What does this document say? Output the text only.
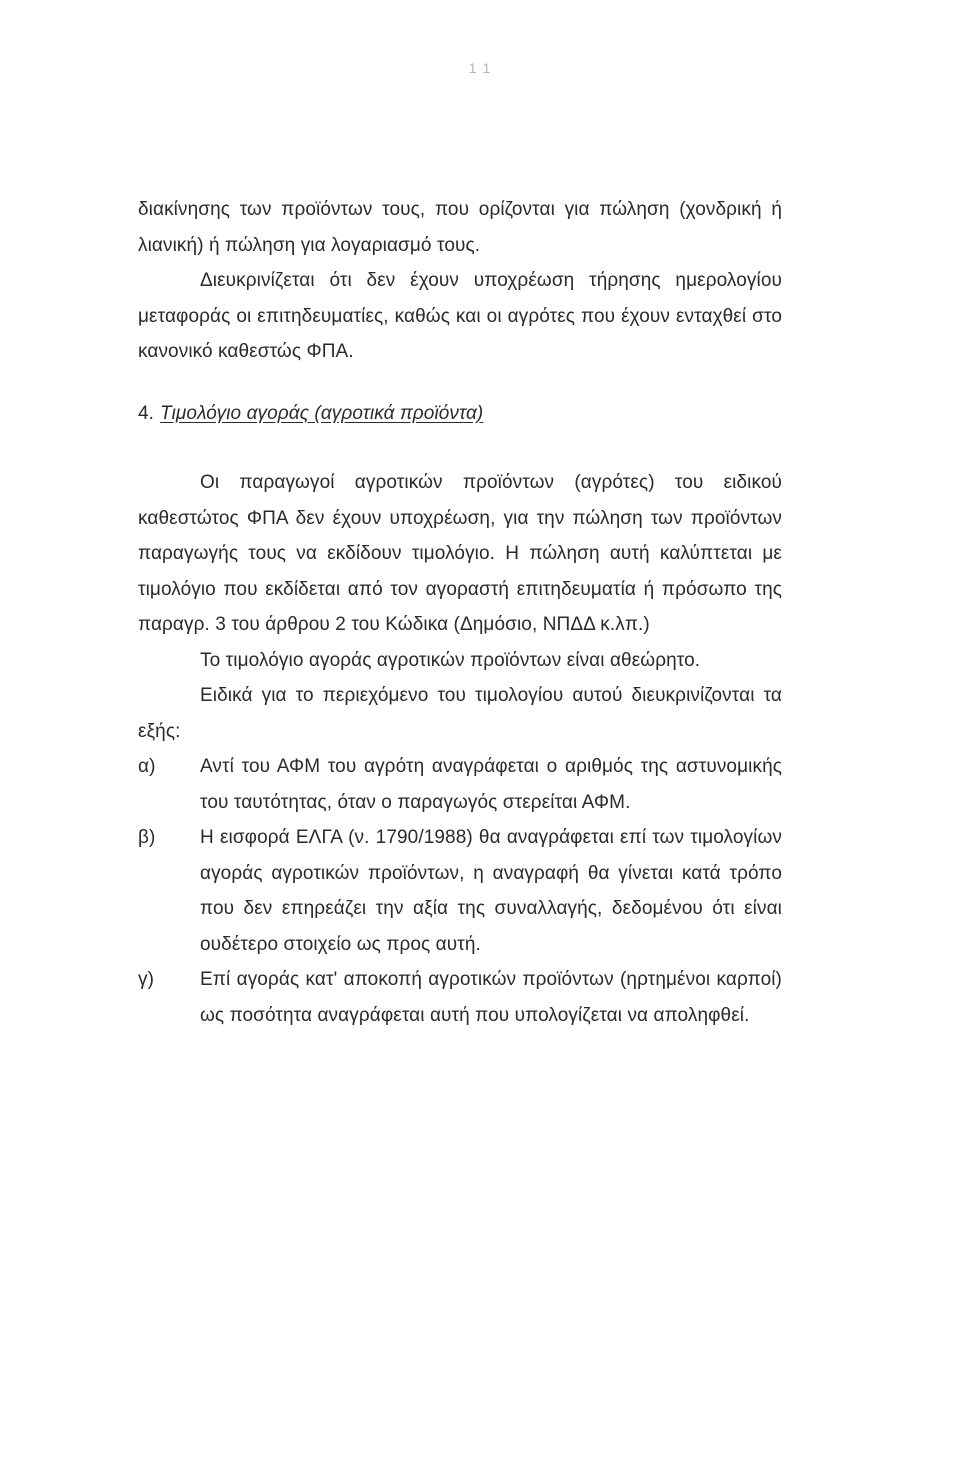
1 1

διακίνησης των προϊόντων τους, που ορίζονται για πώληση (χονδρική ή λιανική) ή πώληση για λογαριασμό τους.

Διευκρινίζεται ότι δεν έχουν υποχρέωση τήρησης ημερολογίου μεταφοράς οι επιτηδευματίες, καθώς και οι αγρότες που έχουν ενταχθεί στο κανονικό καθεστώς ΦΠΑ.

4. Τιμολόγιο αγοράς (αγροτικά προϊόντα)

Οι παραγωγοί αγροτικών προϊόντων (αγρότες) του ειδικού καθεστώτος ΦΠΑ δεν έχουν υποχρέωση, για την πώληση των προϊόντων παραγωγής τους να εκδίδουν τιμολόγιο. Η πώληση αυτή καλύπτεται με τιμολόγιο που εκδίδεται από τον αγοραστή επιτηδευματία ή πρόσωπο της παραγρ. 3 του άρθρου 2 του Κώδικα (Δημόσιο, ΝΠΔΔ κ.λπ.)

Το τιμολόγιο αγοράς αγροτικών προϊόντων είναι αθεώρητο.

Ειδικά για το περιεχόμενο του τιμολογίου αυτού διευκρινίζονται τα εξής:

α)	Αντί του ΑΦΜ του αγρότη αναγράφεται ο αριθμός της αστυνομικής του ταυτότητας, όταν ο παραγωγός στερείται ΑΦΜ.
β)	Η εισφορά ΕΛΓΑ (ν. 1790/1988) θα αναγράφεται επί των τιμολογίων αγοράς αγροτικών προϊόντων, η αναγραφή θα γίνεται κατά τρόπο που δεν επηρεάζει την αξία της συναλλαγής, δεδομένου ότι είναι ουδέτερο στοιχείο ως προς αυτή.
γ)	Επί αγοράς κατ' αποκοπή αγροτικών προϊόντων (ηρτημένοι καρποί) ως ποσότητα αναγράφεται αυτή που υπολογίζεται να αποληφθεί.
